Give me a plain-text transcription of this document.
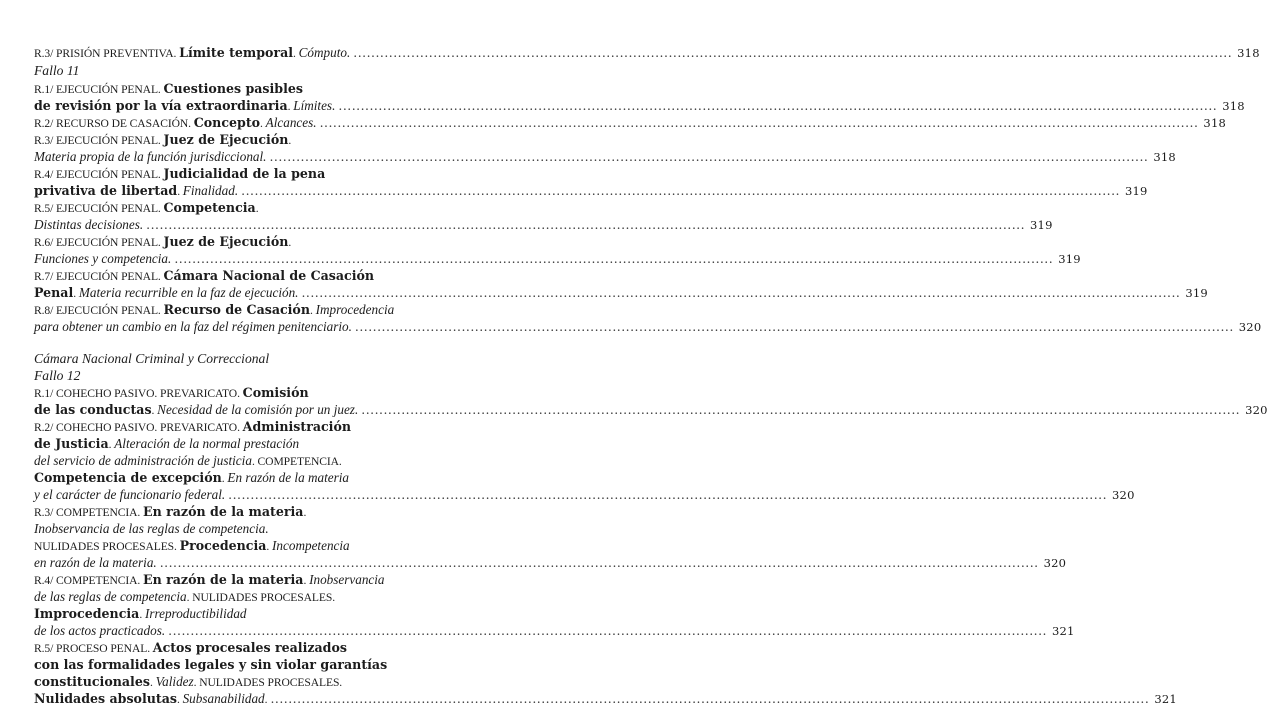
R.3/ PRISIÓN PREVENTIVA. Límite temporal. Cómputo. .....	318
Fallo 11
R.1/ EJECUCIÓN PENAL. Cuestiones pasibles
de revisión por la vía extraordinaria. Límites. .....	318
R.2/ RECURSO DE CASACIÓN. Concepto. Alcances. .....	318
R.3/ EJECUCIÓN PENAL. Juez de Ejecución.
Materia propia de la función jurisdiccional. .....	318
R.4/ EJECUCIÓN PENAL. Judicialidad de la pena
privativa de libertad. Finalidad. .....	319
R.5/ EJECUCIÓN PENAL. Competencia.
Distintas decisiones. .....	319
R.6/ EJECUCIÓN PENAL. Juez de Ejecución.
Funciones y competencia. .....	319
R.7/ EJECUCIÓN PENAL. Cámara Nacional de Casación
Penal. Materia recurrible en la faz de ejecución. .....	319
R.8/ EJECUCIÓN PENAL. Recurso de Casación. Improcedencia
para obtener un cambio en la faz del régimen penitenciario. .....	320
Cámara Nacional Criminal y Correccional
Fallo 12
R.1/ COHECHO PASIVO. PREVARICATO. Comisión
de las conductas. Necesidad de la comisión por un juez. .....	320
R.2/ COHECHO PASIVO. PREVARICATO. Administración
de Justicia. Alteración de la normal prestación
del servicio de administración de justicia. COMPETENCIA.
Competencia de excepción. En razón de la materia
y el carácter de funcionario federal. .....	320
R.3/ COMPETENCIA. En razón de la materia.
Inobservancia de las reglas de competencia.
NULIDADES PROCESALES. Procedencia. Incompetencia
en razón de la materia. .....	320
R.4/ COMPETENCIA. En razón de la materia. Inobservancia
de las reglas de competencia. NULIDADES PROCESALES.
Improcedencia. Irreproductibilidad
de los actos practicados. .....	321
R.5/ PROCESO PENAL. Actos procesales realizados
con las formalidades legales y sin violar garantías
constitucionales. Validez. NULIDADES PROCESALES.
Nulidades absolutas. Subsanabilidad. .....	321
